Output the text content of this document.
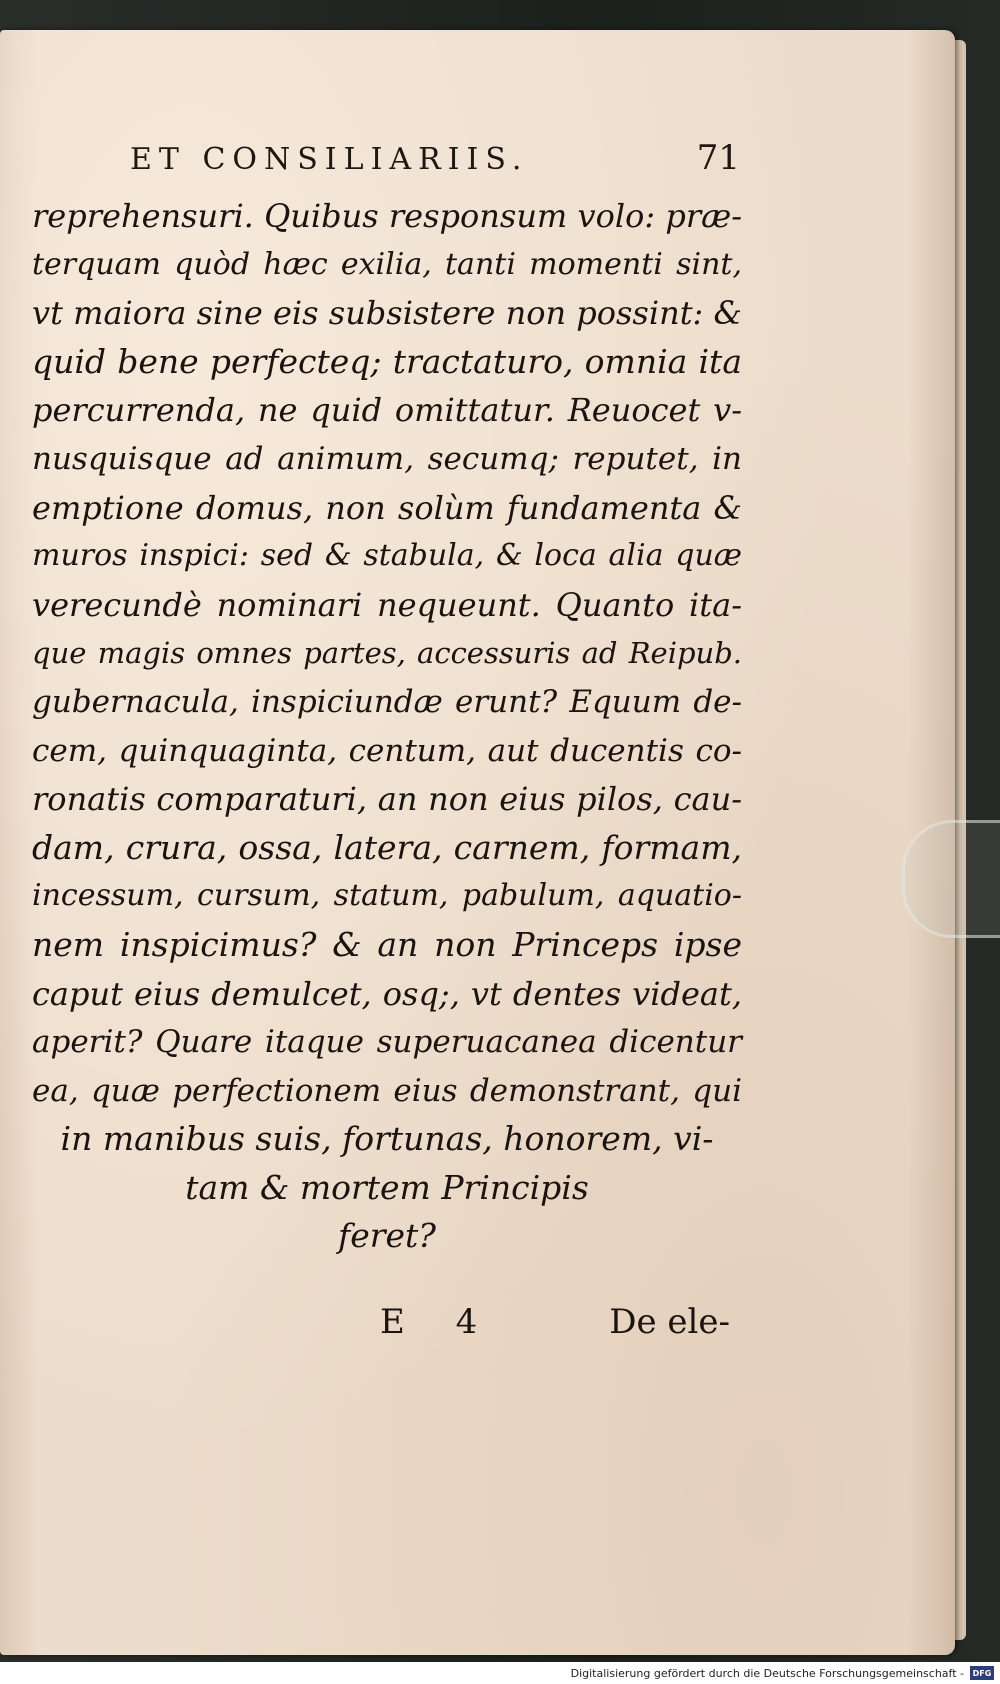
ET CONSILIARIIS.	71
reprehensuri. Quibus responsum volo: præ-
terquam quòd hæc exilia, tanti momenti sint,
vt maiora sine eis subsistere non possint: &
quid bene perfecteq; tractaturo, omnia ita
percurrenda, ne quid omittatur. Reuocet v-
nusquisque ad animum, secumq; reputet, in
emptione domus, non solùm fundamenta &
muros inspici: sed & stabula, & loca alia quæ
verecundè nominari nequeunt. Quanto ita-
que magis omnes partes, accessuris ad Reipub.
gubernacula, inspiciundæ erunt? Equum de-
cem, quinquaginta, centum, aut ducentis co-
ronatis comparaturi, an non eius pilos, cau-
dam, crura, ossa, latera, carnem, formam,
incessum, cursum, statum, pabulum, aquatio-
nem inspicimus? & an non Princeps ipse
caput eius demulcet, osq;, vt dentes videat,
aperit? Quare itaque superuacanea dicentur
ea, quæ perfectionem eius demonstrant, qui
in manibus suis, fortunas, honorem, vi-
tam & mortem Principis
feret?
E 4	De ele-
Digitalisierung gefördert durch die Deutsche Forschungsgemeinschaft -	DFG
